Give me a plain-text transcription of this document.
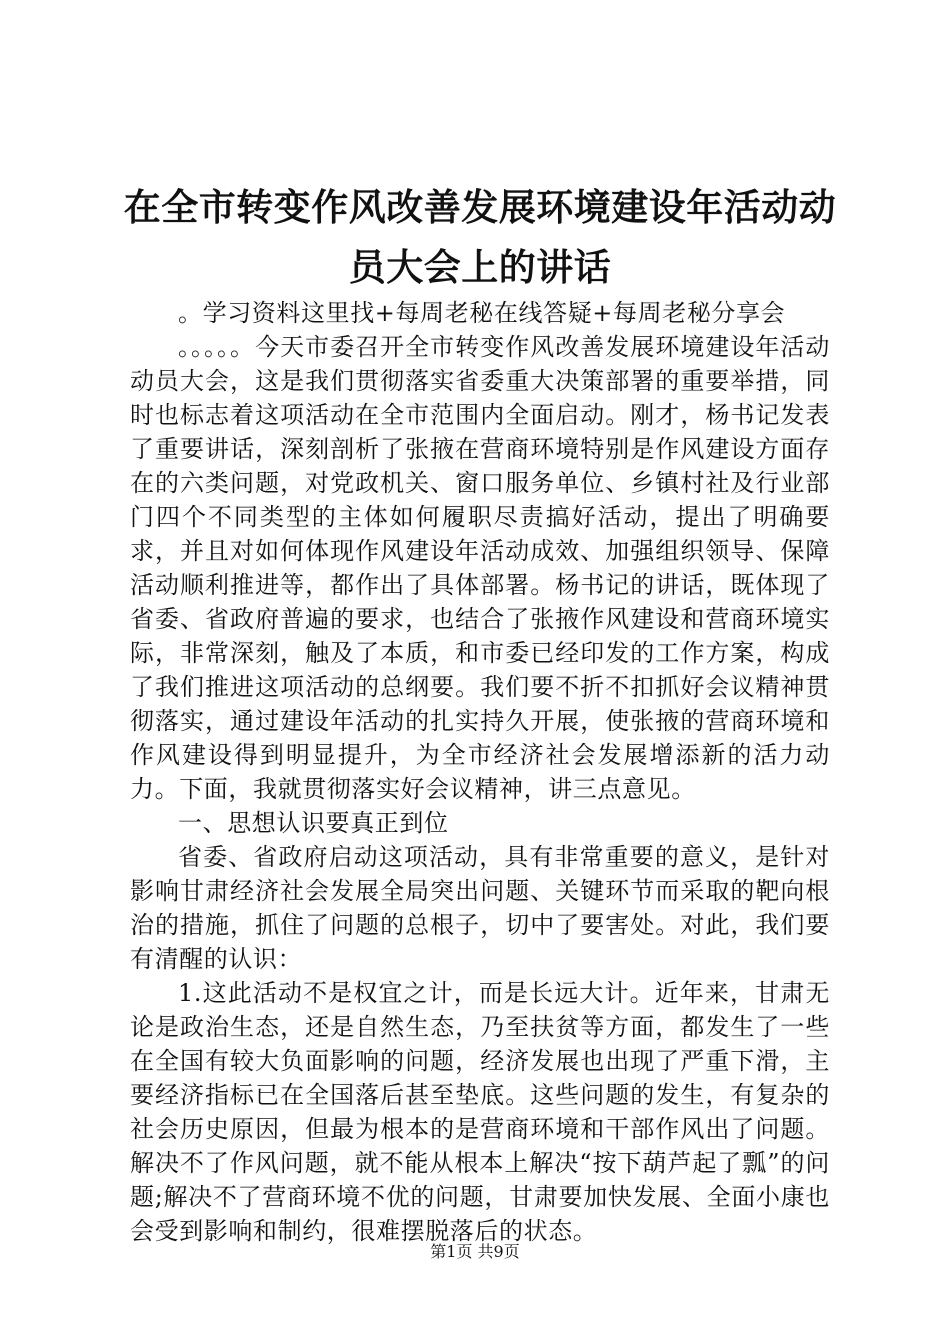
在全市转变作风改善发展环境建设年活动动员大会上的讲话

。学习资料这里找+每周老秘在线答疑+每周老秘分享会

。。。。。今天市委召开全市转变作风改善发展环境建设年活动动员大会，这是我们贯彻落实省委重大决策部署的重要举措，同时也标志着这项活动在全市范围内全面启动。刚才，杨书记发表了重要讲话，深刻剖析了张掖在营商环境特别是作风建设方面存在的六类问题，对党政机关、窗口服务单位、乡镇村社及行业部门四个不同类型的主体如何履职尽责搞好活动，提出了明确要求，并且对如何体现作风建设年活动成效、加强组织领导、保障活动顺利推进等，都作出了具体部署。杨书记的讲话，既体现了省委、省政府普遍的要求，也结合了张掖作风建设和营商环境实际，非常深刻，触及了本质，和市委已经印发的工作方案，构成了我们推进这项活动的总纲要。我们要不折不扣抓好会议精神贯彻落实，通过建设年活动的扎实持久开展，使张掖的营商环境和作风建设得到明显提升，为全市经济社会发展增添新的活力动力。下面，我就贯彻落实好会议精神，讲三点意见。

一、思想认识要真正到位

省委、省政府启动这项活动，具有非常重要的意义，是针对影响甘肃经济社会发展全局突出问题、关键环节而采取的靶向根治的措施，抓住了问题的总根子，切中了要害处。对此，我们要有清醒的认识：

1.这此活动不是权宜之计，而是长远大计。近年来，甘肃无论是政治生态，还是自然生态，乃至扶贫等方面，都发生了一些在全国有较大负面影响的问题，经济发展也出现了严重下滑，主要经济指标已在全国落后甚至垫底。这些问题的发生，有复杂的社会历史原因，但最为根本的是营商环境和干部作风出了问题。解决不了作风问题，就不能从根本上解决“按下葫芦起了瓢”的问题;解决不了营商环境不优的问题，甘肃要加快发展、全面小康也会受到影响和制约，很难摆脱落后的状态。

第1页 共9页
